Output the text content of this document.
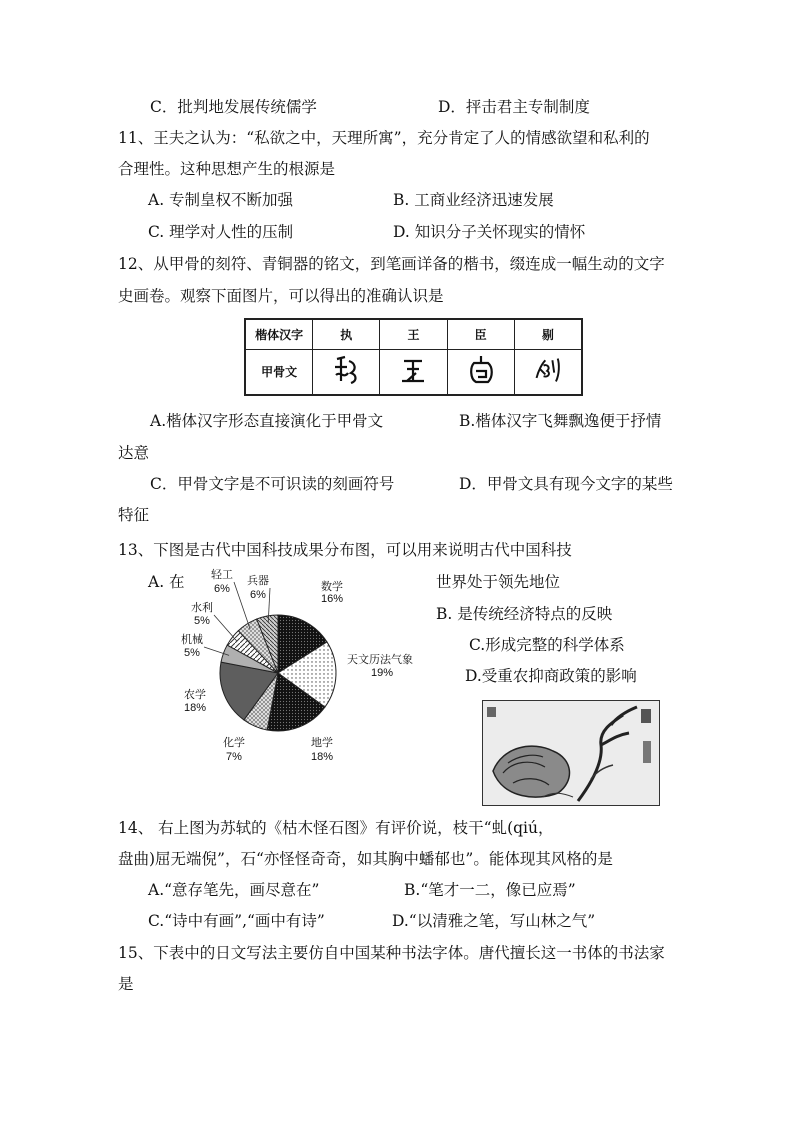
C．批判地发展传统儒学	D．抨击君主专制制度
11、王夫之认为：“私欲之中，天理所寓”，充分肯定了人的情感欲望和私利的
合理性。这种思想产生的根源是
A. 专制皇权不断加强	B. 工商业经济迅速发展
C. 理学对人性的压制	D. 知识分子关怀现实的情怀
12、从甲骨的刻符、青铜器的铭文，到笔画详备的楷书，缀连成一幅生动的文字
史画卷。观察下面图片，可以得出的准确认识是
楷体汉字	执	王	臣	剔
甲骨文				
A.楷体汉字形态直接演化于甲骨文	B.楷体汉字飞舞飘逸便于抒情
达意
C．甲骨文字是不可识读的刻画符号	D．甲骨文具有现今文字的某些
特征
13、下图是古代中国科技成果分布图，可以用来说明古代中国科技
A. 在	世界处于领先地位
B. 是传统经济特点的反映
C.形成完整的科学体系
D.受重农抑商政策的影响
数学
16%
天文历法气象
19%
地学
18%
化学
7%
农学
18%
机械
5%
水利
5%
轻工
6%
兵器
6%
14、 右上图为苏轼的《枯木怪石图》有评价说，枝干“虬(qiú，
盘曲)屈无端倪”，石“亦怪怪奇奇，如其胸中蟠郁也”。能体现其风格的是
A.“意存笔先，画尽意在”	B.“笔才一二，像已应焉”
C.“诗中有画”,“画中有诗”	D.“以清雅之笔，写山林之气”
15、下表中的日文写法主要仿自中国某种书法字体。唐代擅长这一书体的书法家
是
